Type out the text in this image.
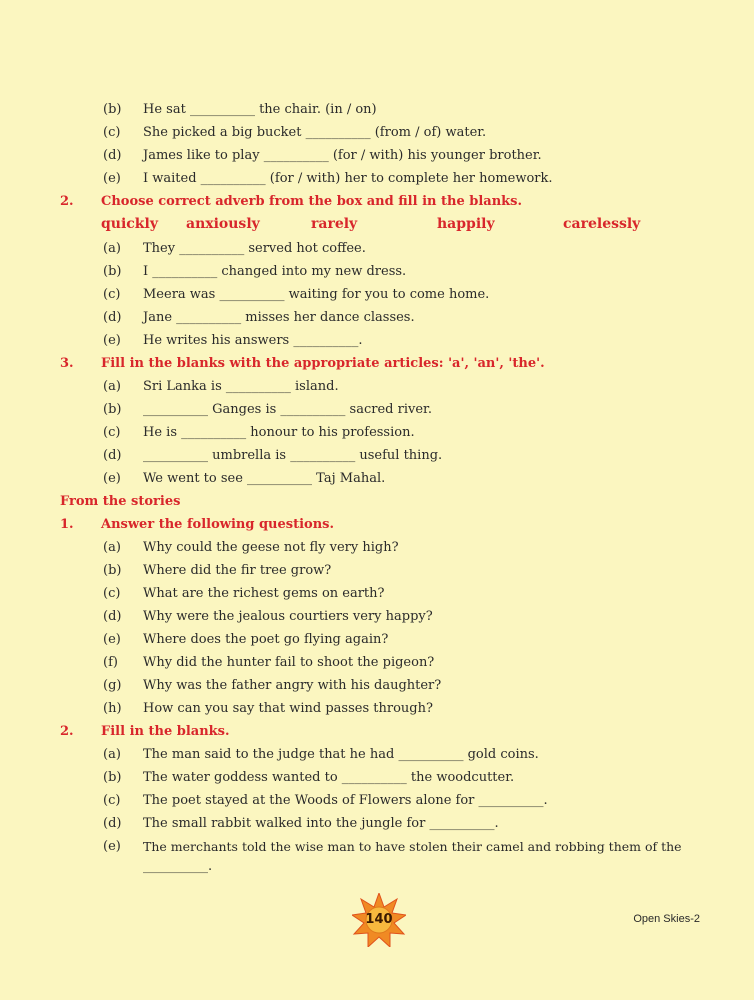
(b)	He sat __________ the chair. (in / on)
(c)	She picked a big bucket __________ (from / of) water.
(d)	James like to play __________ (for / with) his younger brother.
(e)	I waited __________ (for / with) her to complete her homework.
2. Choose correct adverb from the box and fill in the blanks.
quickly anxiously	rarely	happily	carelessly
(a)	They __________ served hot coffee.
(b)	I __________ changed into my new dress.
(c)	Meera was __________ waiting for you to come home.
(d)	Jane __________ misses her dance classes.
(e)	He writes his answers __________.
3. Fill in the blanks with the appropriate articles: 'a', 'an', 'the'.
(a)	Sri Lanka is __________ island.
(b)	__________ Ganges is __________ sacred river.
(c)	He is __________ honour to his profession.
(d)	__________ umbrella is __________ useful thing.
(e)	We went to see __________ Taj Mahal.
From the stories
1. Answer the following questions.
(a)	Why could the geese not fly very high?
(b)	Where did the fir tree grow?
(c)	What are the richest gems on earth?
(d)	Why were the jealous courtiers very happy?
(e)	Where does the poet go flying again?
(f)	Why did the hunter fail to shoot the pigeon?
(g)	Why was the father angry with his daughter?
(h)	How can you say that wind passes through?
2. Fill in the blanks.
(a)	The man said to the judge that he had __________ gold coins.
(b)	The water goddess wanted to __________ the woodcutter.
(c)	The poet stayed at the Woods of Flowers alone for __________.
(d)	The small rabbit walked into the jungle for __________.
(e)	The merchants told the wise man to have stolen their camel and robbing them of the
__________.
140	Open Skies-2
